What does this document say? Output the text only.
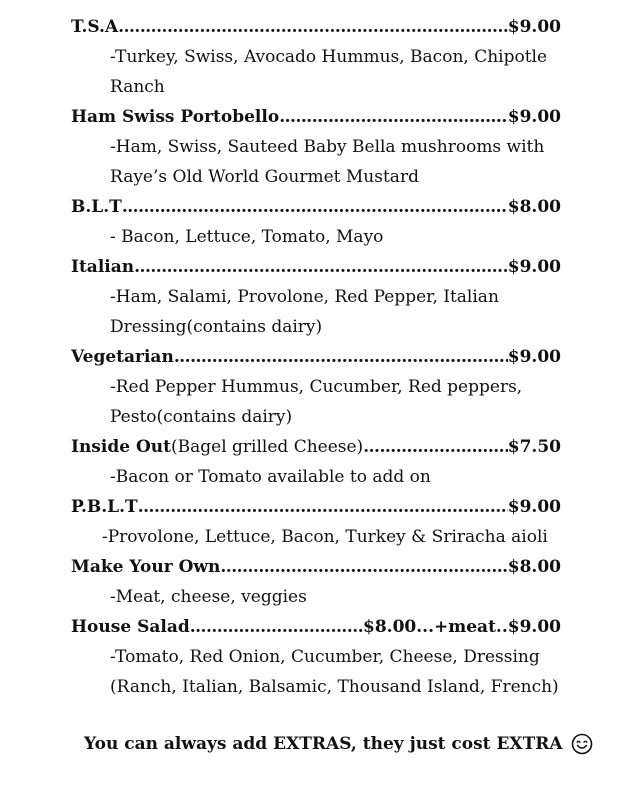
T.S.A .....	$9.00
-Turkey, Swiss, Avocado Hummus, Bacon, Chipotle Ranch
Ham Swiss Portobello .....	$9.00
-Ham, Swiss, Sauteed Baby Bella mushrooms with Raye’s Old World Gourmet Mustard
B.L.T .....	$8.00
- Bacon, Lettuce, Tomato, Mayo
Italian .....	$9.00
-Ham, Salami, Provolone, Red Pepper, Italian Dressing(contains dairy)
Vegetarian .....	$9.00
-Red Pepper Hummus, Cucumber, Red peppers, Pesto(contains dairy)
Inside Out (Bagel grilled Cheese) .....	$7.50
-Bacon or Tomato available to add on
P.B.L.T .....	$9.00
-Provolone, Lettuce, Bacon, Turkey & Sriracha aioli
Make Your Own .....	$8.00
-Meat, cheese, veggies
House Salad .....	$8.00 ...+meat.. $9.00
-Tomato, Red Onion, Cucumber, Cheese, Dressing (Ranch, Italian, Balsamic, Thousand Island, French)
You can always add EXTRAS, they just cost EXTRA
